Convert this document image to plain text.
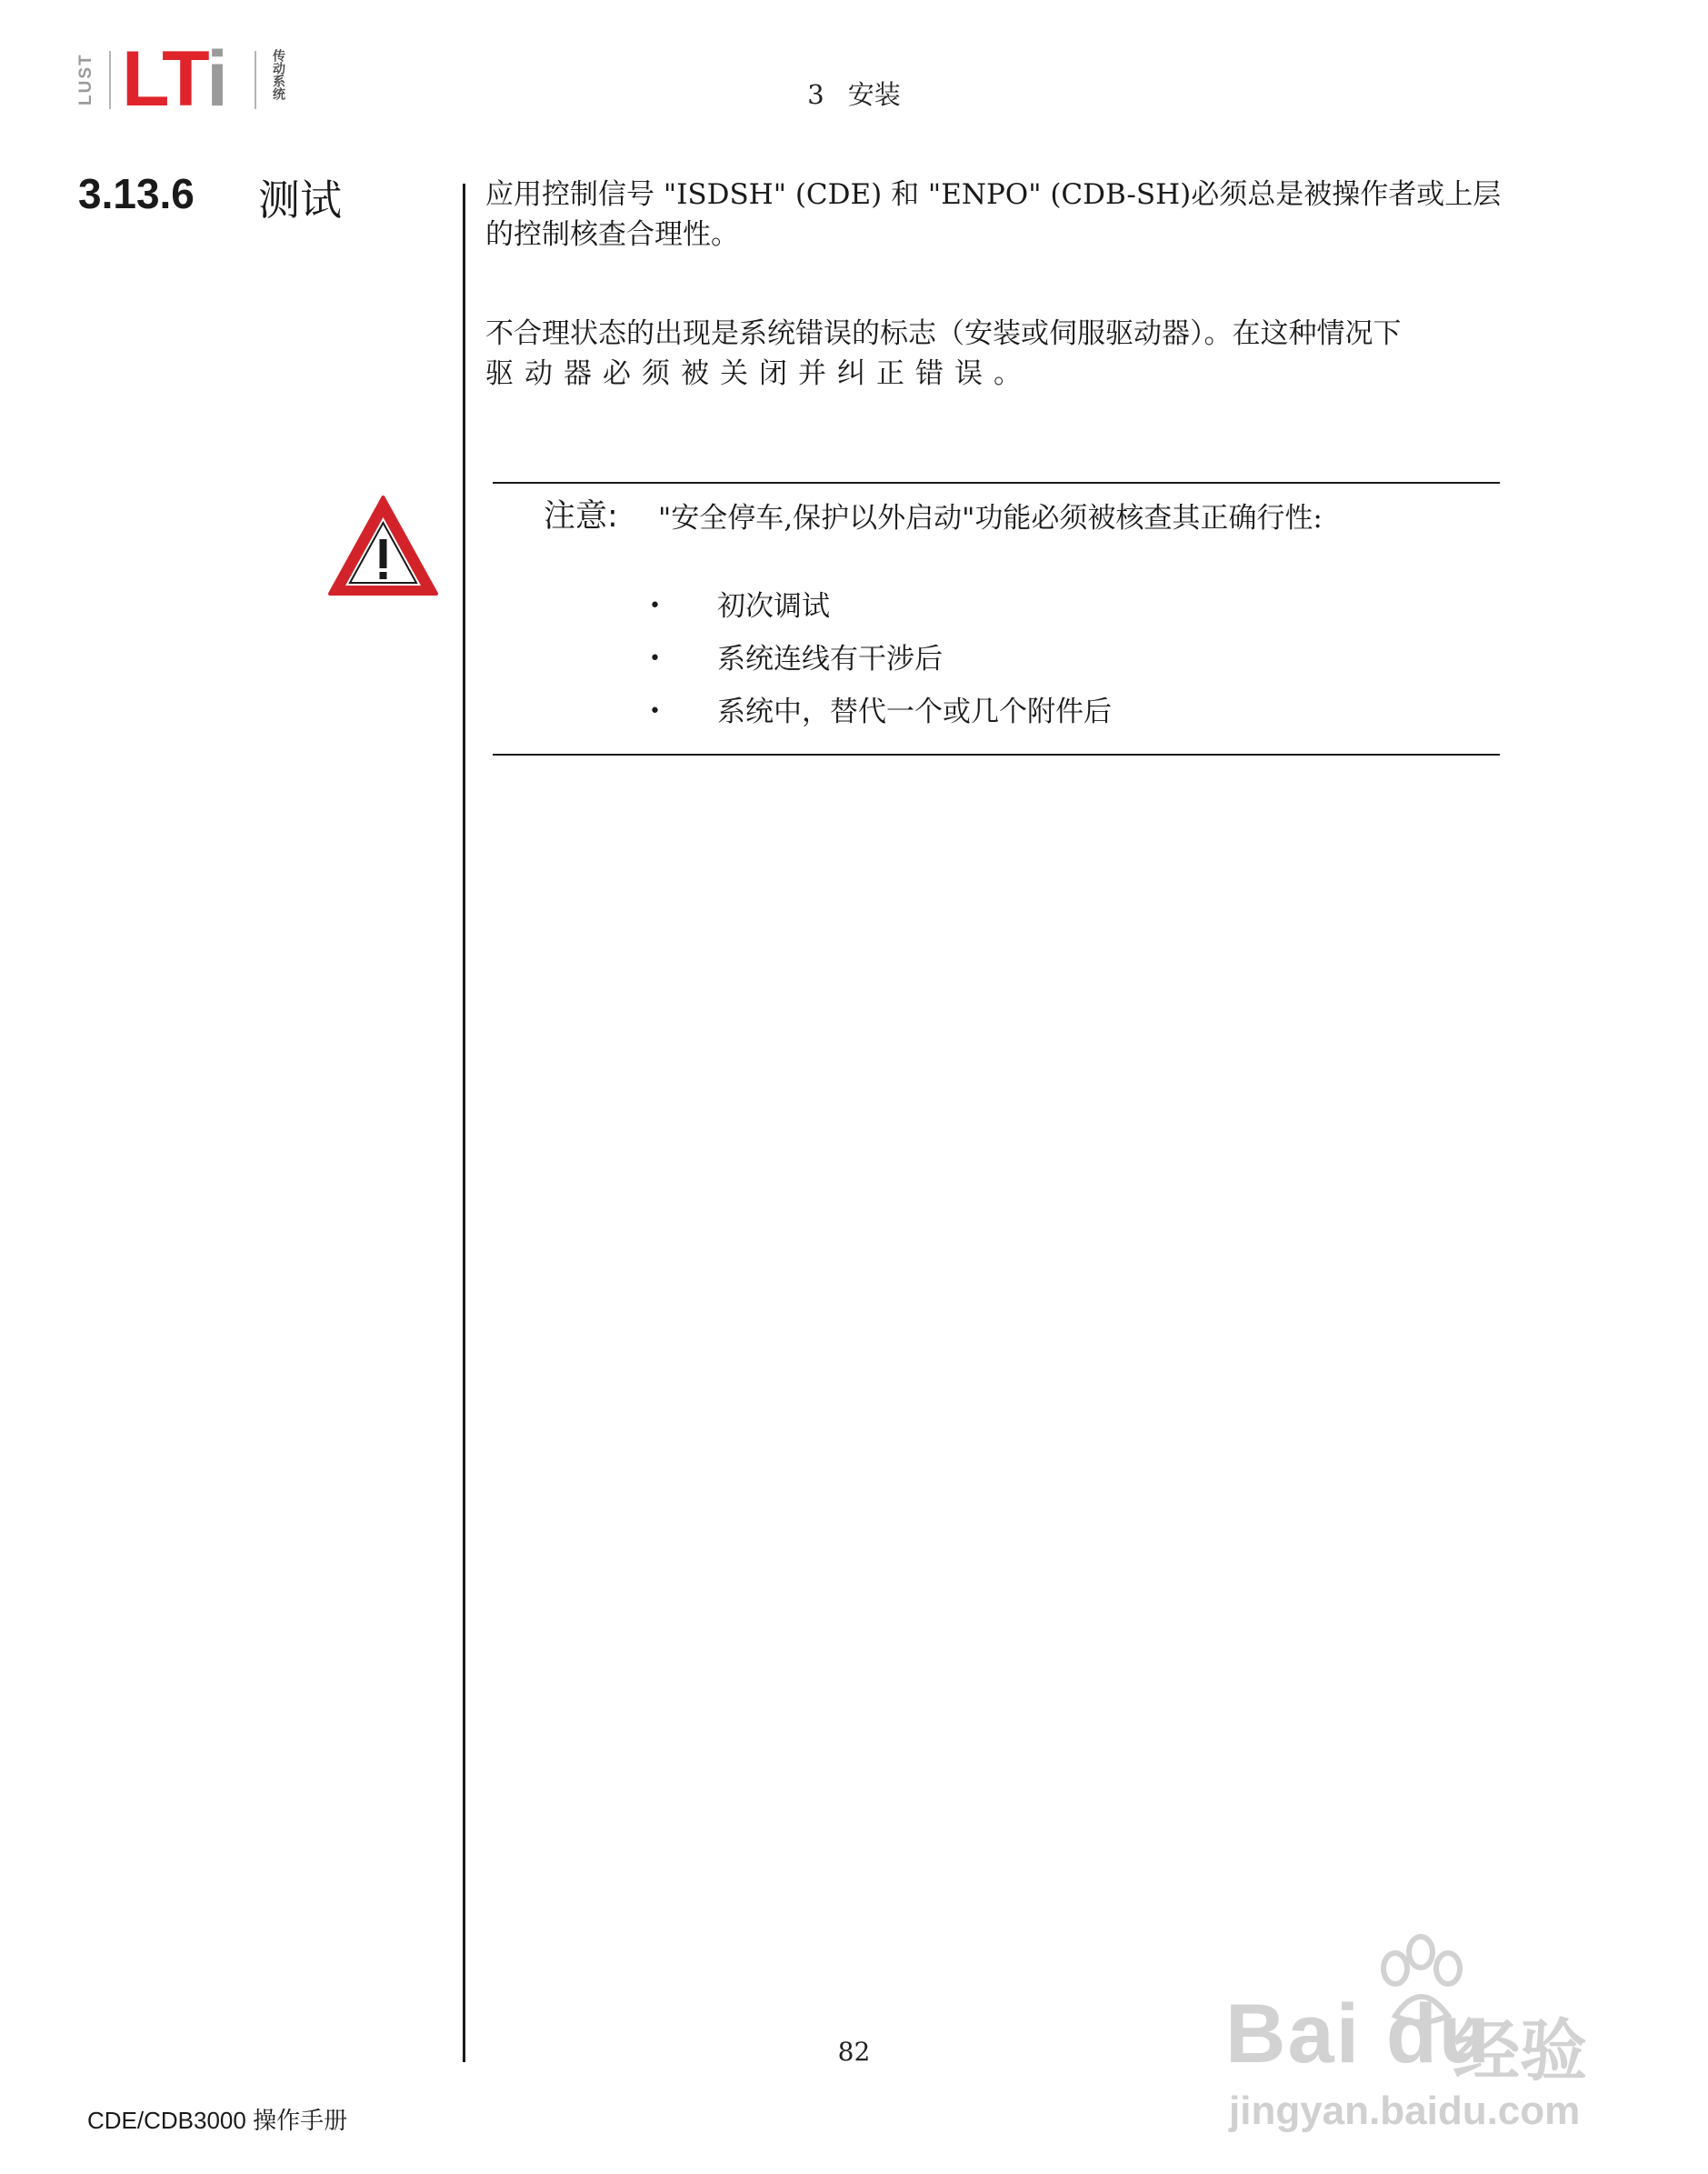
LUST LTi	传动系统	3 安装
3.13.6 测试	应用控制信号 "ISDSH" (CDE) 和 "ENPO" (CDB-SH)必须总是被操作者或上层的控制核查合理性。
不合理状态的出现是系统错误的标志（安装或伺服驱动器）。在这种情况下
驱动器必须被关闭并纠正错误。
注意: "安全停车,保护以外启动"功能必须被核查其正确行性:
• 初次调试
• 系统连线有干涉后
• 系统中，替代一个或几个附件后
82
CDE/CDB3000 操作手册
Bai du
经验
jingyan.baidu.com
